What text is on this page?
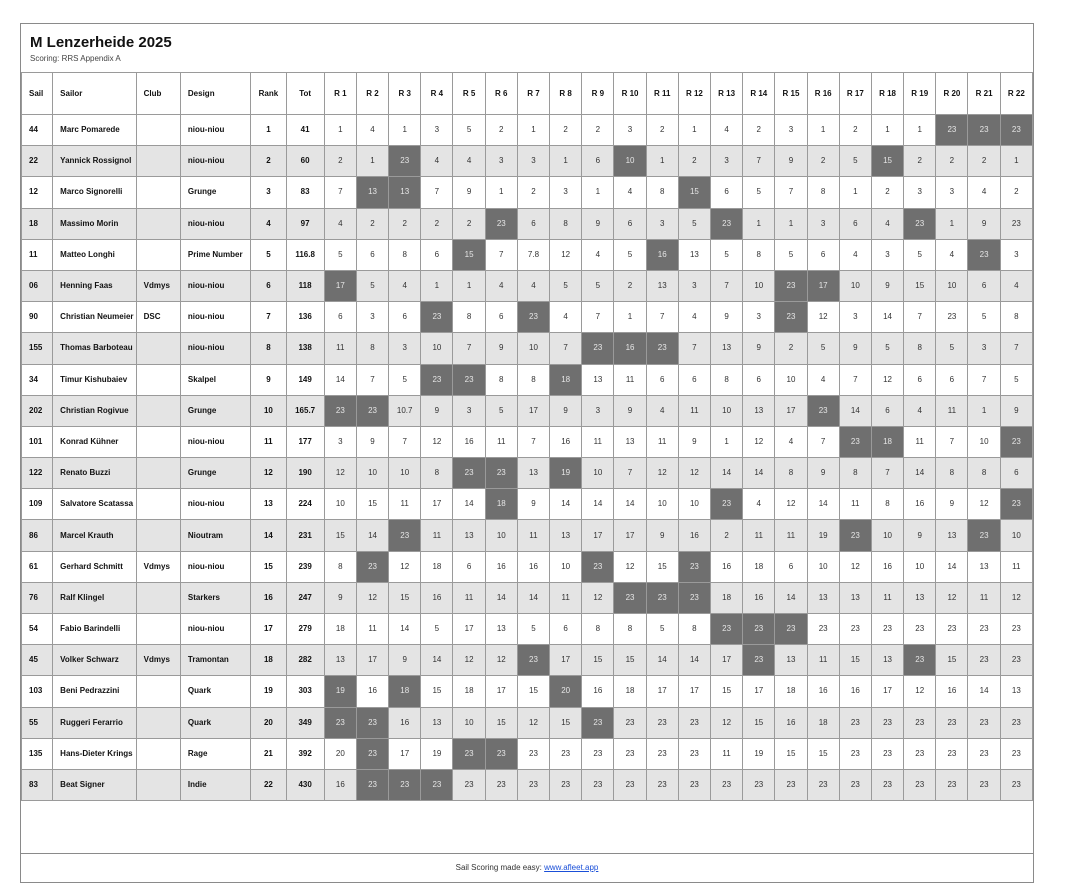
M Lenzerheide 2025
Scoring: RRS Appendix A
Sail	Sailor	Club	Design	Rank	Tot	R 1	R 2	R 3	R 4	R 5	R 6	R 7	R 8	R 9	R 10	R 11	R 12	R 13	R 14	R 15	R 16	R 17	R 18	R 19	R 20	R 21	R 22
44	Marc Pomarede		niou-niou	1	41	1	4	1	3	5	2	1	2	2	3	2	1	4	2	3	1	2	1	1	23	23	23
22	Yannick Rossignol		niou-niou	2	60	2	1	23	4	4	3	3	1	6	10	1	2	3	7	9	2	5	15	2	2	2	1
12	Marco Signorelli		Grunge	3	83	7	13	13	7	9	1	2	3	1	4	8	15	6	5	7	8	1	2	3	3	4	2
18	Massimo Morin		niou-niou	4	97	4	2	2	2	2	23	6	8	9	6	3	5	23	1	1	3	6	4	23	1	9	23
11	Matteo Longhi		Prime Number	5	116.8	5	6	8	6	15	7	7.8	12	4	5	16	13	5	8	5	6	4	3	5	4	23	3
06	Henning Faas	Vdmys	niou-niou	6	118	17	5	4	1	1	4	4	5	5	2	13	3	7	10	23	17	10	9	15	10	6	4
90	Christian Neumeier	DSC	niou-niou	7	136	6	3	6	23	8	6	23	4	7	1	7	4	9	3	23	12	3	14	7	23	5	8
155	Thomas Barboteau		niou-niou	8	138	11	8	3	10	7	9	10	7	23	16	23	7	13	9	2	5	9	5	8	5	3	7
34	Timur Kishubaiev		Skalpel	9	149	14	7	5	23	23	8	8	18	13	11	6	6	8	6	10	4	7	12	6	6	7	5
202	Christian Rogivue		Grunge	10	165.7	23	23	10.7	9	3	5	17	9	3	9	4	11	10	13	17	23	14	6	4	11	1	9
101	Konrad Kühner		niou-niou	11	177	3	9	7	12	16	11	7	16	11	13	11	9	1	12	4	7	23	18	11	7	10	23
122	Renato Buzzi		Grunge	12	190	12	10	10	8	23	23	13	19	10	7	12	12	14	14	8	9	8	7	14	8	8	6
109	Salvatore Scatassa		niou-niou	13	224	10	15	11	17	14	18	9	14	14	14	10	10	23	4	12	14	11	8	16	9	12	23
86	Marcel Krauth		Nioutram	14	231	15	14	23	11	13	10	11	13	17	17	9	16	2	11	11	19	23	10	9	13	23	10
61	Gerhard Schmitt	Vdmys	niou-niou	15	239	8	23	12	18	6	16	16	10	23	12	15	23	16	18	6	10	12	16	10	14	13	11
76	Ralf Klingel		Starkers	16	247	9	12	15	16	11	14	14	11	12	23	23	23	18	16	14	13	13	11	13	12	11	12
54	Fabio Barindelli		niou-niou	17	279	18	11	14	5	17	13	5	6	8	8	5	8	23	23	23	23	23	23	23	23	23	23
45	Volker Schwarz	Vdmys	Tramontan	18	282	13	17	9	14	12	12	23	17	15	15	14	14	17	23	13	11	15	13	23	15	23	23
103	Beni Pedrazzini		Quark	19	303	19	16	18	15	18	17	15	20	16	18	17	17	15	17	18	16	16	17	12	16	14	13
55	Ruggeri Ferarrio		Quark	20	349	23	23	16	13	10	15	12	15	23	23	23	23	12	15	16	18	23	23	23	23	23	23
135	Hans-Dieter Krings		Rage	21	392	20	23	17	19	23	23	23	23	23	23	23	23	11	19	15	15	23	23	23	23	23	23
83	Beat Signer		Indie	22	430	16	23	23	23	23	23	23	23	23	23	23	23	23	23	23	23	23	23	23	23	23	23
Sail Scoring made easy: www.afleet.app
